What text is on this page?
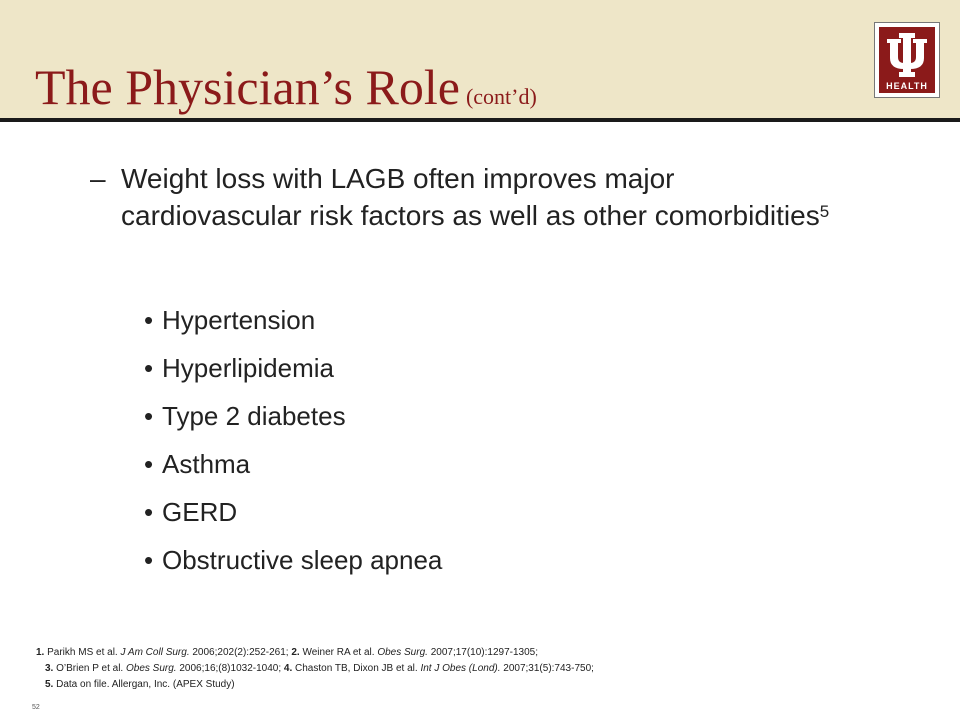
The Physician’s Role (cont’d)	HEALTH
– Weight loss with LAGB often improves major cardiovascular risk factors as well as other comorbidities$^5$
• Hypertension
• Hyperlipidemia
• Type 2 diabetes
• Asthma
• GERD
• Obstructive sleep apnea
1. Parikh MS et al. J Am Coll Surg. 2006;202(2):252-261; 2. Weiner RA et al. Obes Surg. 2007;17(10):1297-1305;
3. O’Brien P et al. Obes Surg. 2006;16;(8)1032-1040; 4. Chaston TB, Dixon JB et al. Int J Obes (Lond). 2007;31(5):743-750;
5. Data on file. Allergan, Inc. (APEX Study)
52
